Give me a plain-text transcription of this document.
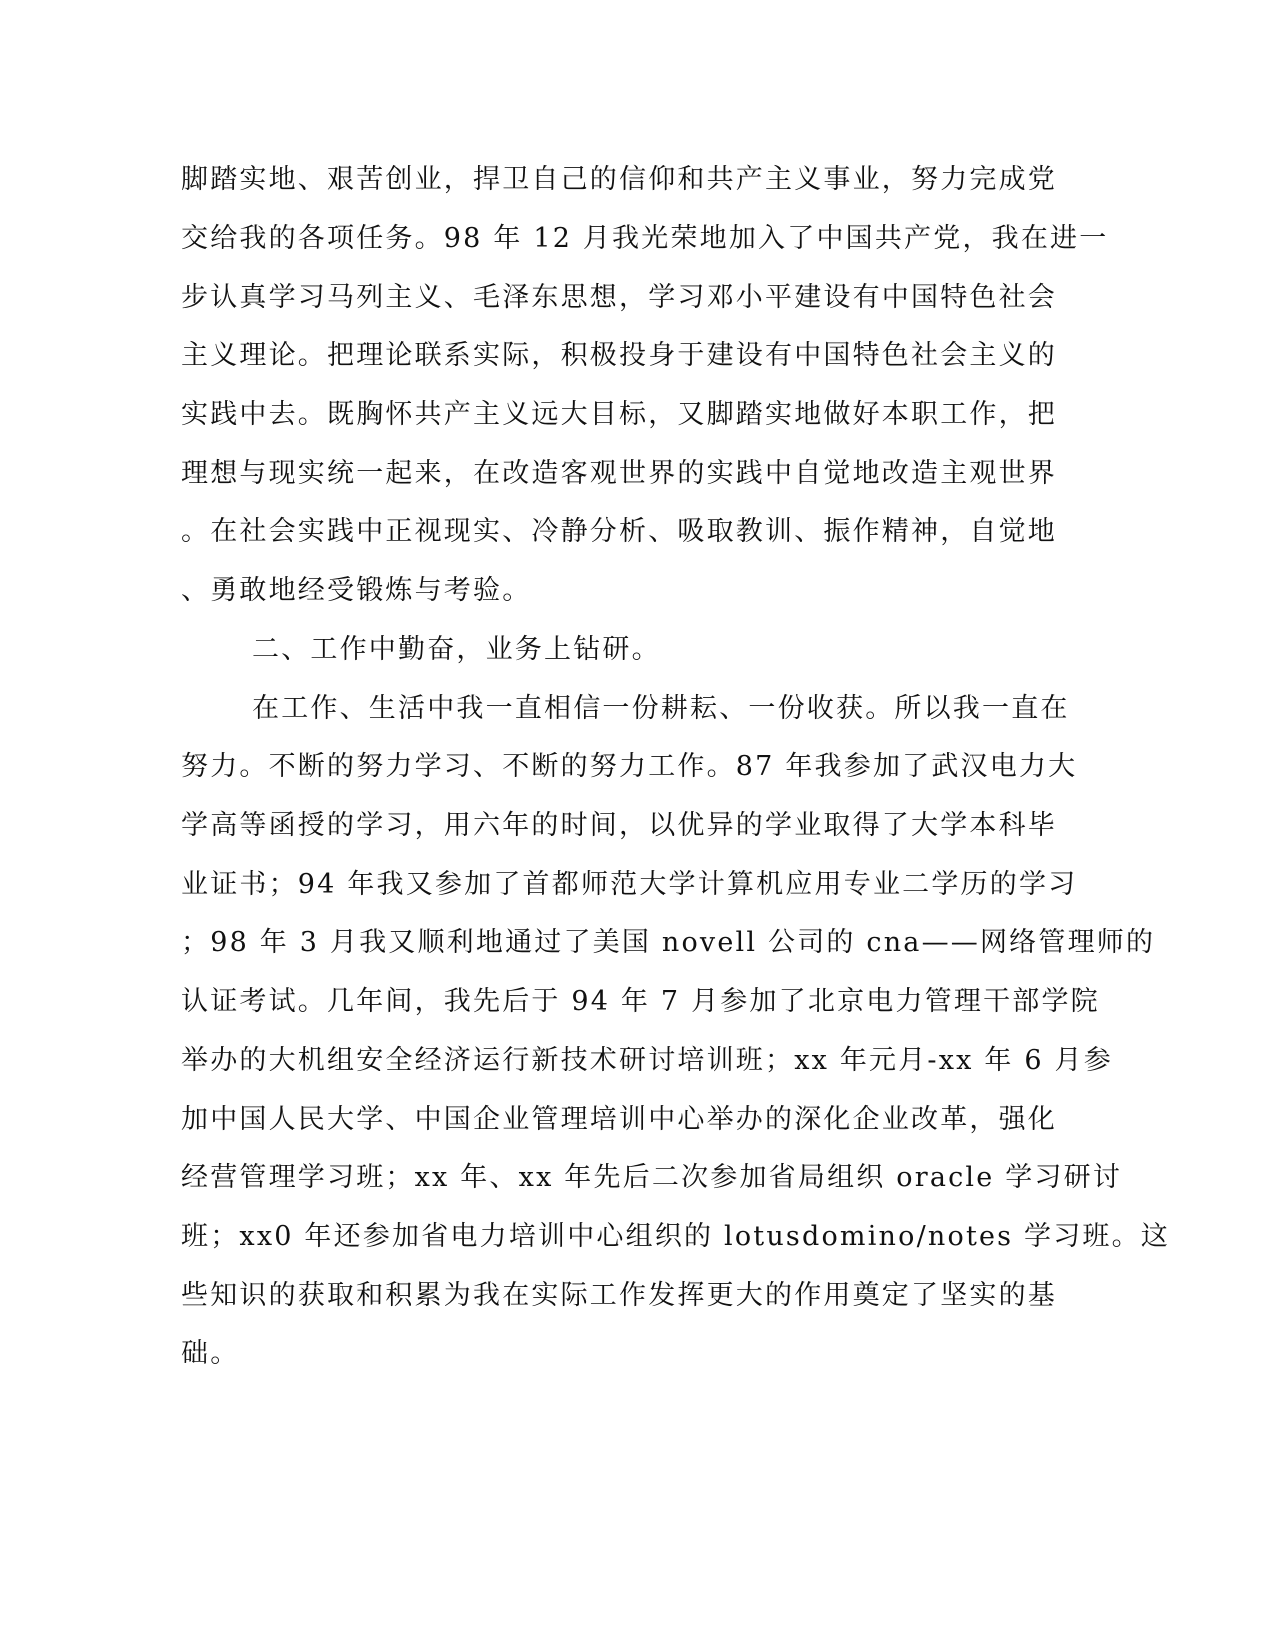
脚踏实地、艰苦创业，捍卫自己的信仰和共产主义事业，努力完成党
交给我的各项任务。98 年 12 月我光荣地加入了中国共产党，我在进一
步认真学习马列主义、毛泽东思想，学习邓小平建设有中国特色社会
主义理论。把理论联系实际，积极投身于建设有中国特色社会主义的
实践中去。既胸怀共产主义远大目标，又脚踏实地做好本职工作，把
理想与现实统一起来，在改造客观世界的实践中自觉地改造主观世界
。在社会实践中正视现实、冷静分析、吸取教训、振作精神，自觉地
、勇敢地经受锻炼与考验。
二、工作中勤奋，业务上钻研。
在工作、生活中我一直相信一份耕耘、一份收获。所以我一直在
努力。不断的努力学习、不断的努力工作。87 年我参加了武汉电力大
学高等函授的学习，用六年的时间，以优异的学业取得了大学本科毕
业证书；94 年我又参加了首都师范大学计算机应用专业二学历的学习
；98 年 3 月我又顺利地通过了美国 novell 公司的 cna——网络管理师的
认证考试。几年间，我先后于 94 年 7 月参加了北京电力管理干部学院
举办的大机组安全经济运行新技术研讨培训班；xx 年元月-xx 年 6 月参
加中国人民大学、中国企业管理培训中心举办的深化企业改革，强化
经营管理学习班；xx 年、xx 年先后二次参加省局组织 oracle 学习研讨
班；xx0 年还参加省电力培训中心组织的 lotusdomino/notes 学习班。这
些知识的获取和积累为我在实际工作发挥更大的作用奠定了坚实的基
础。
